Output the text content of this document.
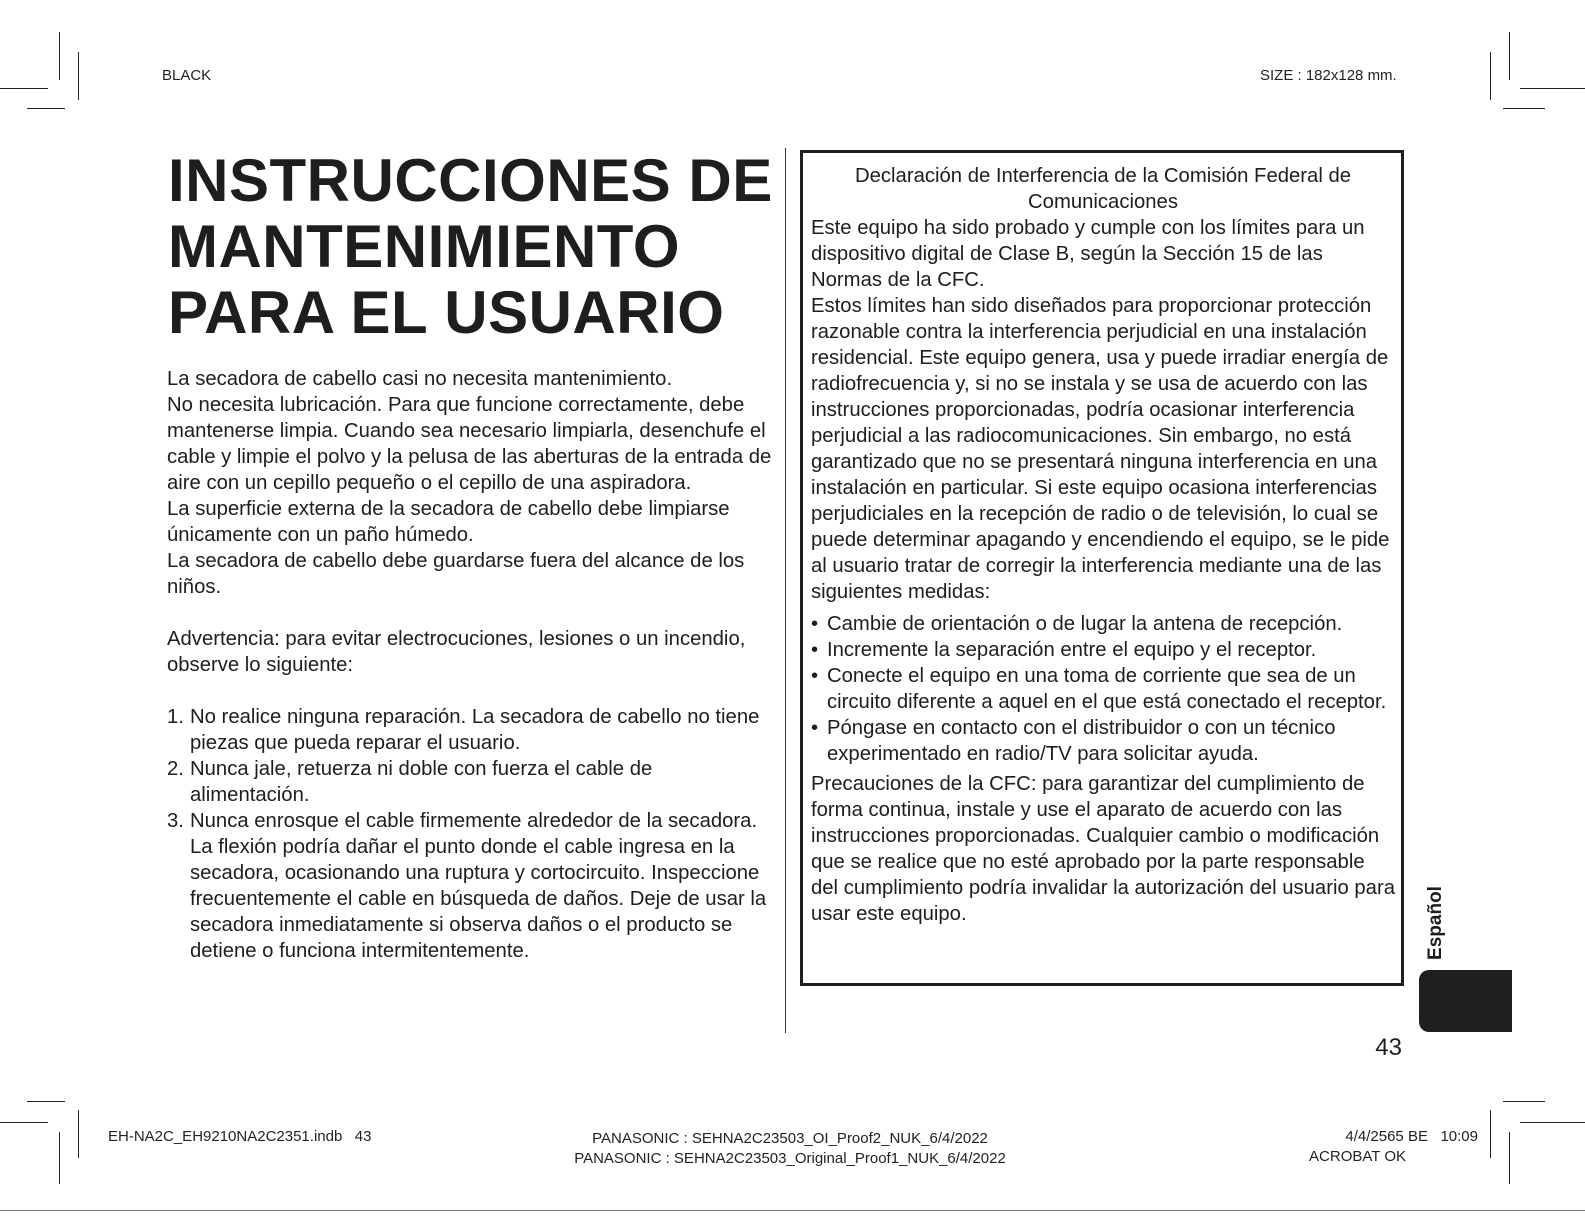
BLACK	SIZE : 182x128 mm.
EH-NA2C_EH9210NA2C2351.indb   43	PANASONIC : SEHNA2C23503_OI_Proof2_NUK_6/4/2022
PANASONIC : SEHNA2C23503_Original_Proof1_NUK_6/4/2022
4/4/2565 BE   10:09
ACROBAT OK
INSTRUCCIONES DE
MANTENIMIENTO
PARA EL USUARIO

La secadora de cabello casi no necesita mantenimiento.

No necesita lubricación. Para que funcione correctamente, debe mantenerse limpia. Cuando sea necesario limpiarla, desenchufe el cable y limpie el polvo y la pelusa de las aberturas de la entrada de aire con un cepillo pequeño o el cepillo de una aspiradora.

La superficie externa de la secadora de cabello debe limpiarse únicamente con un paño húmedo.

La secadora de cabello debe guardarse fuera del alcance de los niños.

Advertencia: para evitar electrocuciones, lesiones o un incendio, observe lo siguiente:

1. No realice ninguna reparación. La secadora de cabello no tiene piezas que pueda reparar el usuario.
2. Nunca jale, retuerza ni doble con fuerza el cable de alimentación.
3. Nunca enrosque el cable firmemente alrededor de la secadora. La flexión podría dañar el punto donde el cable ingresa en la secadora, ocasionando una ruptura y cortocircuito. Inspeccione frecuentemente el cable en búsqueda de daños. Deje de usar la secadora inmediatamente si observa daños o el producto se detiene o funciona intermitentemente.

Declaración de Interferencia de la Comisión Federal de Comunicaciones

Este equipo ha sido probado y cumple con los límites para un dispositivo digital de Clase B, según la Sección 15 de las Normas de la CFC.

Estos límites han sido diseñados para proporcionar protección razonable contra la interferencia perjudicial en una instalación residencial. Este equipo genera, usa y puede irradiar energía de radiofrecuencia y, si no se instala y se usa de acuerdo con las instrucciones proporcionadas, podría ocasionar interferencia perjudicial a las radiocomunicaciones. Sin embargo, no está garantizado que no se presentará ninguna interferencia en una instalación en particular. Si este equipo ocasiona interferencias perjudiciales en la recepción de radio o de televisión, lo cual se puede determinar apagando y encendiendo el equipo, se le pide al usuario tratar de corregir la interferencia mediante una de las siguientes medidas:

• Cambie de orientación o de lugar la antena de recepción.
• Incremente la separación entre el equipo y el receptor.
• Conecte el equipo en una toma de corriente que sea de un circuito diferente a aquel en el que está conectado el receptor.
• Póngase en contacto con el distribuidor o con un técnico experimentado en radio/TV para solicitar ayuda.

Precauciones de la CFC: para garantizar del cumplimiento de forma continua, instale y use el aparato de acuerdo con las instrucciones proporcionadas. Cualquier cambio o modificación que se realice que no esté aprobado por la parte responsable del cumplimiento podría invalidar la autorización del usuario para usar este equipo.	Español
43
